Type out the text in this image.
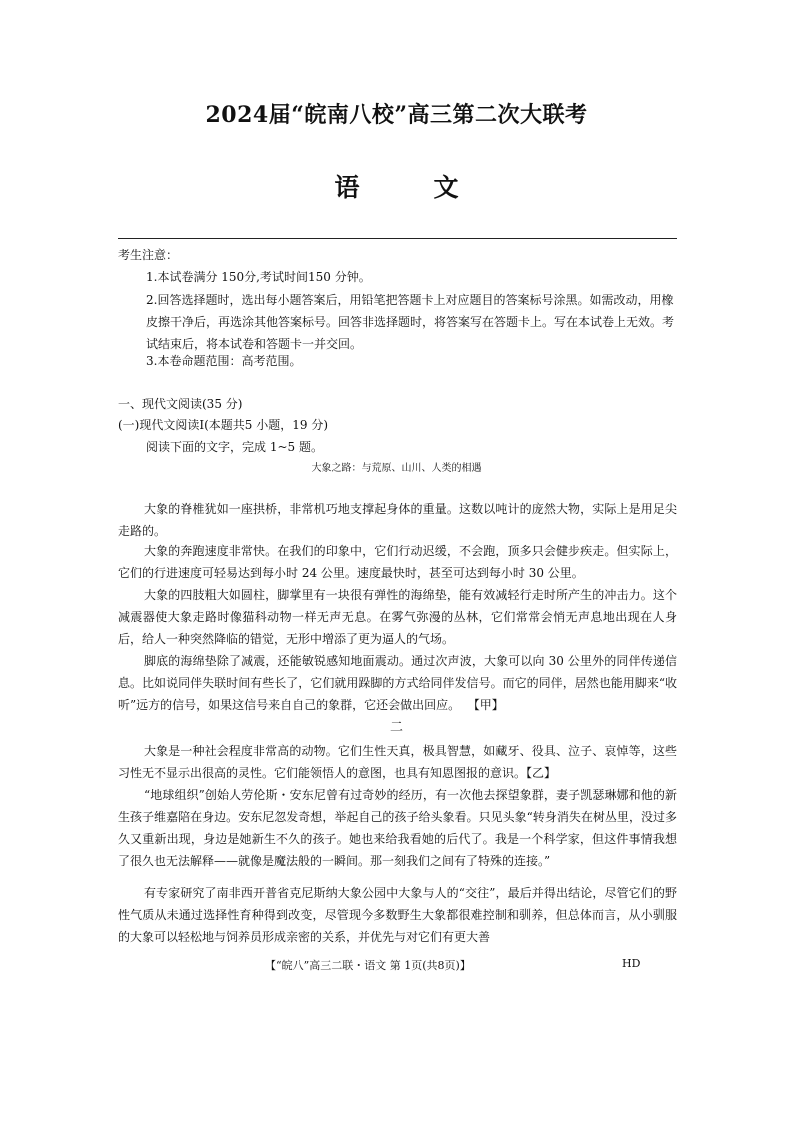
2024届“皖南八校”高三第二次大联考
语	文
考生注意：
1.本试卷满分 150分,考试时间150 分钟。
2.回答选择题时，选出每小题答案后，用铅笔把答题卡上对应题目的答案标号涂黑。如需改动，用橡皮擦干净后，再选涂其他答案标号。回答非选择题时，将答案写在答题卡上。写在本试卷上无效。考试结束后，将本试卷和答题卡一并交回。
3.本卷命题范围：高考范围。
一、现代文阅读(35 分)
(一)现代文阅读Ⅰ(本题共5 小题，19 分)
阅读下面的文字，完成 1~5 题。
大象之路：与荒原、山川、人类的相遇
大象的脊椎犹如一座拱桥，非常机巧地支撑起身体的重量。这数以吨计的庞然大物，实际上是用足尖走路的。
大象的奔跑速度非常快。在我们的印象中，它们行动迟缓，不会跑，顶多只会健步疾走。但实际上，它们的行进速度可轻易达到每小时 24 公里。速度最快时，甚至可达到每小时 30 公里。
大象的四肢粗大如圆柱，脚掌里有一块很有弹性的海绵垫，能有效减轻行走时所产生的冲击力。这个减震器使大象走路时像猫科动物一样无声无息。在雾气弥漫的丛林，它们常常会悄无声息地出现在人身后，给人一种突然降临的错觉，无形中增添了更为逼人的气场。
脚底的海绵垫除了减震，还能敏锐感知地面震动。通过次声波，大象可以向 30 公里外的同伴传递信息。比如说同伴失联时间有些长了，它们就用跺脚的方式给同伴发信号。而它的同伴，居然也能用脚来“收听”远方的信号，如果这信号来自自己的象群，它还会做出回应。 【甲】
二
大象是一种社会程度非常高的动物。它们生性天真，极具智慧，如藏牙、役具、泣子、哀悼等，这些习性无不显示出很高的灵性。它们能领悟人的意图，也具有知恩图报的意识。【乙】
“地球组织”创始人劳伦斯・安东尼曾有过奇妙的经历，有一次他去探望象群，妻子凯瑟琳娜和他的新生孩子维嘉陪在身边。安东尼忽发奇想，举起自己的孩子给头象看。只见头象“转身消失在树丛里，没过多久又重新出现，身边是她新生不久的孩子。她也来给我看她的后代了。我是一个科学家，但这件事情我想了很久也无法解释——就像是魔法般的一瞬间。那一刻我们之间有了特殊的连接。”
有专家研究了南非西开普省克尼斯纳大象公园中大象与人的“交往”，最后并得出结论，尽管它们的野性气质从未通过选择性育种得到改变，尽管现今多数野生大象都很难控制和驯养，但总体而言，从小驯服的大象可以轻松地与饲养员形成亲密的关系，并优先与对它们有更大善
【“皖八”高三二联・语文 第 1页(共8页)】	HD
